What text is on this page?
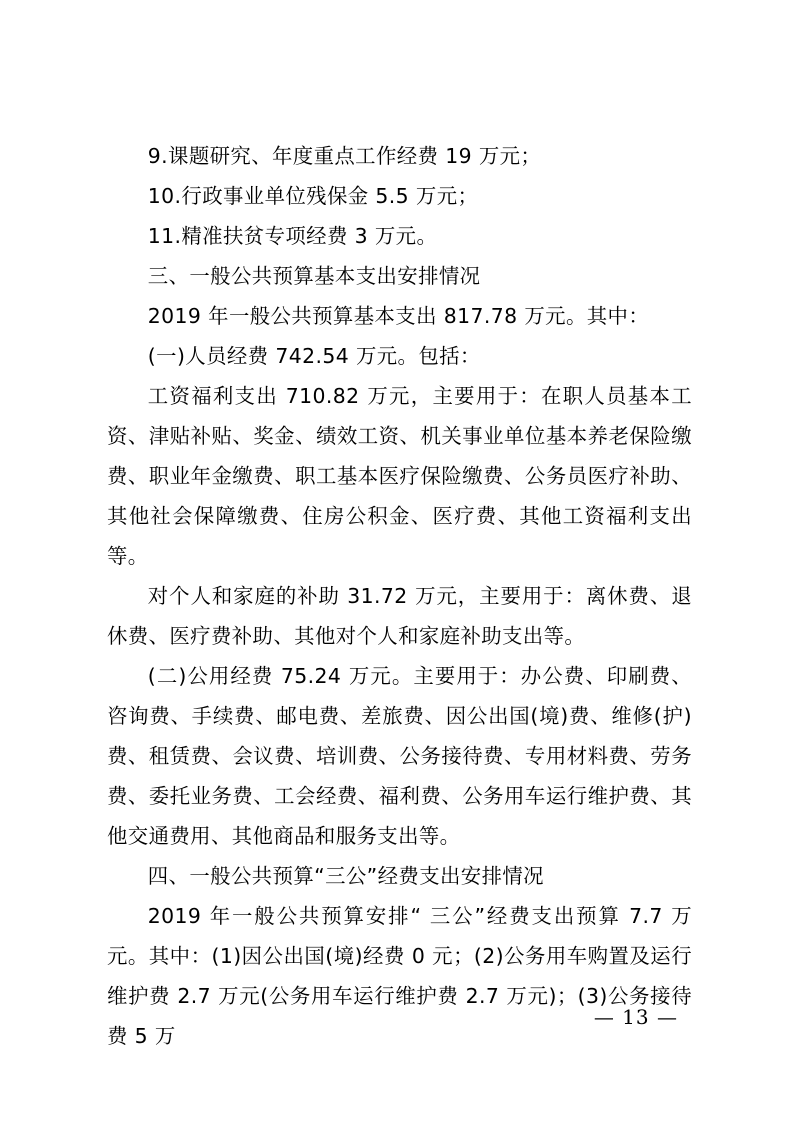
9.课题研究、年度重点工作经费 19 万元；

10.行政事业单位残保金 5.5 万元；

11.精准扶贫专项经费 3 万元。

三、一般公共预算基本支出安排情况

2019 年一般公共预算基本支出 817.78 万元。其中：

(一)人员经费 742.54 万元。包括：

工资福利支出 710.82 万元，主要用于：在职人员基本工资、津贴补贴、奖金、绩效工资、机关事业单位基本养老保险缴费、职业年金缴费、职工基本医疗保险缴费、公务员医疗补助、其他社会保障缴费、住房公积金、医疗费、其他工资福利支出等。

对个人和家庭的补助 31.72 万元，主要用于：离休费、退休费、医疗费补助、其他对个人和家庭补助支出等。

(二)公用经费 75.24 万元。主要用于：办公费、印刷费、咨询费、手续费、邮电费、差旅费、因公出国(境)费、维修(护)费、租赁费、会议费、培训费、公务接待费、专用材料费、劳务费、委托业务费、工会经费、福利费、公务用车运行维护费、其他交通费用、其他商品和服务支出等。

四、一般公共预算“三公”经费支出安排情况

2019 年一般公共预算安排“ 三公”经费支出预算 7.7 万元。其中：(1)因公出国(境)经费 0 元；(2)公务用车购置及运行维护费 2.7 万元(公务用车运行维护费 2.7 万元)；(3)公务接待费 5 万

— 13 —
